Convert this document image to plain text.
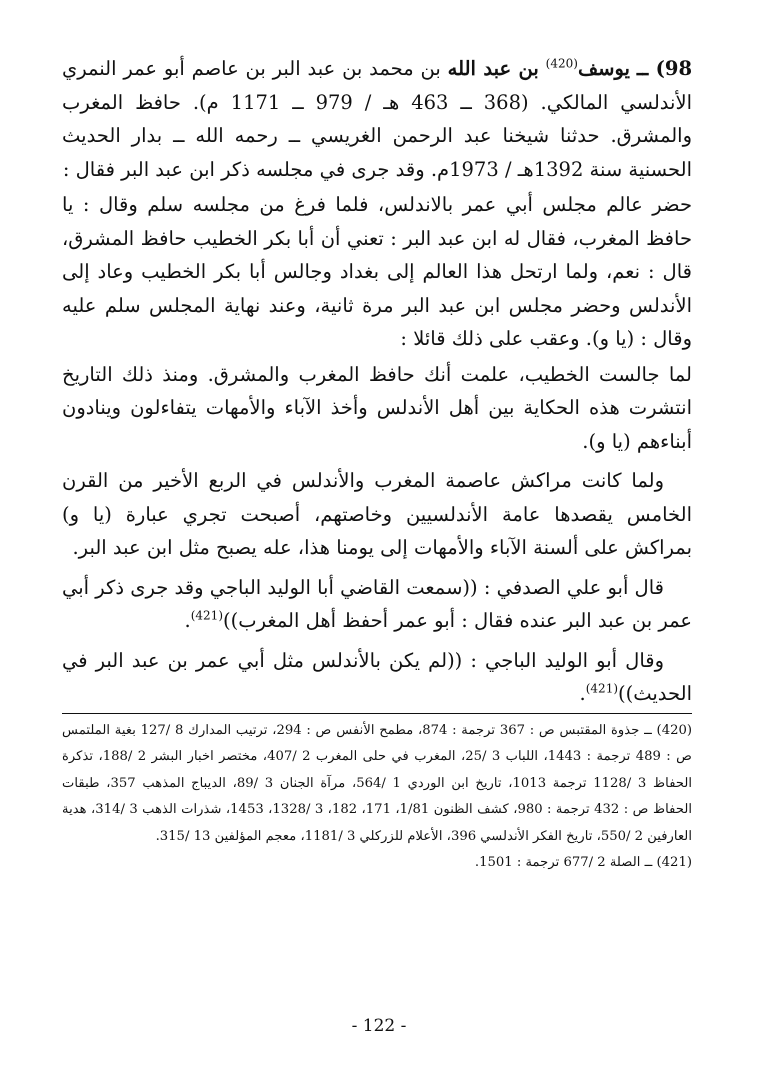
98) ــ يوسف$^{(420)}$ بن عبد الله بن محمد بن عبد البر بن عاصم أبو عمر النمري الأندلسي المالكي. (368 ــ 463 هـ / 979 ــ 1171 م). حافظ المغرب والمشرق. حدثنا شيخنا عبد الرحمن الغريسي ــ رحمه الله ــ بدار الحديث الحسنية سنة 1392هـ / 1973م. وقد جرى في مجلسه ذكر ابن عبد البر فقال :

حضر عالم مجلس أبي عمر بالاندلس، فلما فرغ من مجلسه سلم وقال : يا حافظ المغرب، فقال له ابن عبد البر : تعني أن أبا بكر الخطيب حافظ المشرق، قال : نعم، ولما ارتحل هذا العالم إلى بغداد وجالس أبا بكر الخطيب وعاد إلى الأندلس وحضر مجلس ابن عبد البر مرة ثانية، وعند نهاية المجلس سلم عليه وقال : (يا و). وعقب على ذلك قائلا :

لما جالست الخطيب، علمت أنك حافظ المغرب والمشرق. ومنذ ذلك التاريخ انتشرت هذه الحكاية بين أهل الأندلس وأخذ الآباء والأمهات يتفاءلون وينادون أبناءهم (يا و).

ولما كانت مراكش عاصمة المغرب والأندلس في الربع الأخير من القرن الخامس يقصدها عامة الأندلسيين وخاصتهم، أصبحت تجري عبارة (يا و) بمراكش على ألسنة الآباء والأمهات إلى يومنا هذا، عله يصبح مثل ابن عبد البر.

قال أبو علي الصدفي : ((سمعت القاضي أبا الوليد الباجي وقد جرى ذكر أبي عمر بن عبد البر عنده فقال : أبو عمر أحفظ أهل المغرب))$^{(421)}$.

وقال أبو الوليد الباجي : ((لم يكن بالأندلس مثل أبي عمر بن عبد البر في الحديث))$^{(421)}$.

(420) ــ جذوة المقتبس ص : 367 ترجمة : 874، مطمح الأنفس ص : 294، ترتيب المدارك 8 /127 بغية الملتمس ص : 489 ترجمة : 1443، اللباب 3 /25، المغرب في حلى المغرب 2 /407، مختصر اخبار البشر 2 /188، تذكرة الحفاظ 3 /1128 ترجمة 1013، تاريخ ابن الوردي 1 /564، مرآة الجنان 3 /89، الديباج المذهب 357، طبقات الحفاظ ص : 432 ترجمة : 980، كشف الظنون 1/81، 171، 182، 3 /1328، 1453، شذرات الذهب 3 /314، هدية العارفين 2 /550، تاريخ الفكر الأندلسي 396، الأعلام للزركلي 3 /1181، معجم المؤلفين 13 /315.

(421) ــ الصلة 2 /677 ترجمة : 1501.

- 122 -
